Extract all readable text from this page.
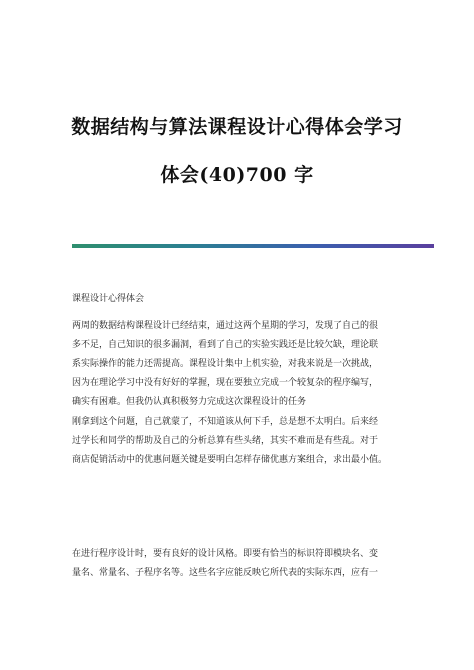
数据结构与算法课程设计心得体会学习
体会(40)700 字

课程设计心得体会

两周的数据结构课程设计已经结束，通过这两个星期的学习，发现了自己的很

多不足，自己知识的很多漏洞，看到了自己的实验实践还是比较欠缺，理论联

系实际操作的能力还需提高。课程设计集中上机实验，对我来说是一次挑战，

因为在理论学习中没有好好的掌握，现在要独立完成一个较复杂的程序编写，

确实有困难。但我仍认真积极努力完成这次课程设计的任务

刚拿到这个问题，自己就蒙了，不知道该从何下手，总是想不太明白。后来经

过学长和同学的帮助及自己的分析总算有些头绪，其实不难而是有些乱。对于

商店促销活动中的优惠问题关键是要明白怎样存储优惠方案组合，求出最小值。

在进行程序设计时，要有良好的设计风格。即要有恰当的标识符即模块名、变

量名、常量名、子程序名等。这些名字应能反映它所代表的实际东西，应有一
